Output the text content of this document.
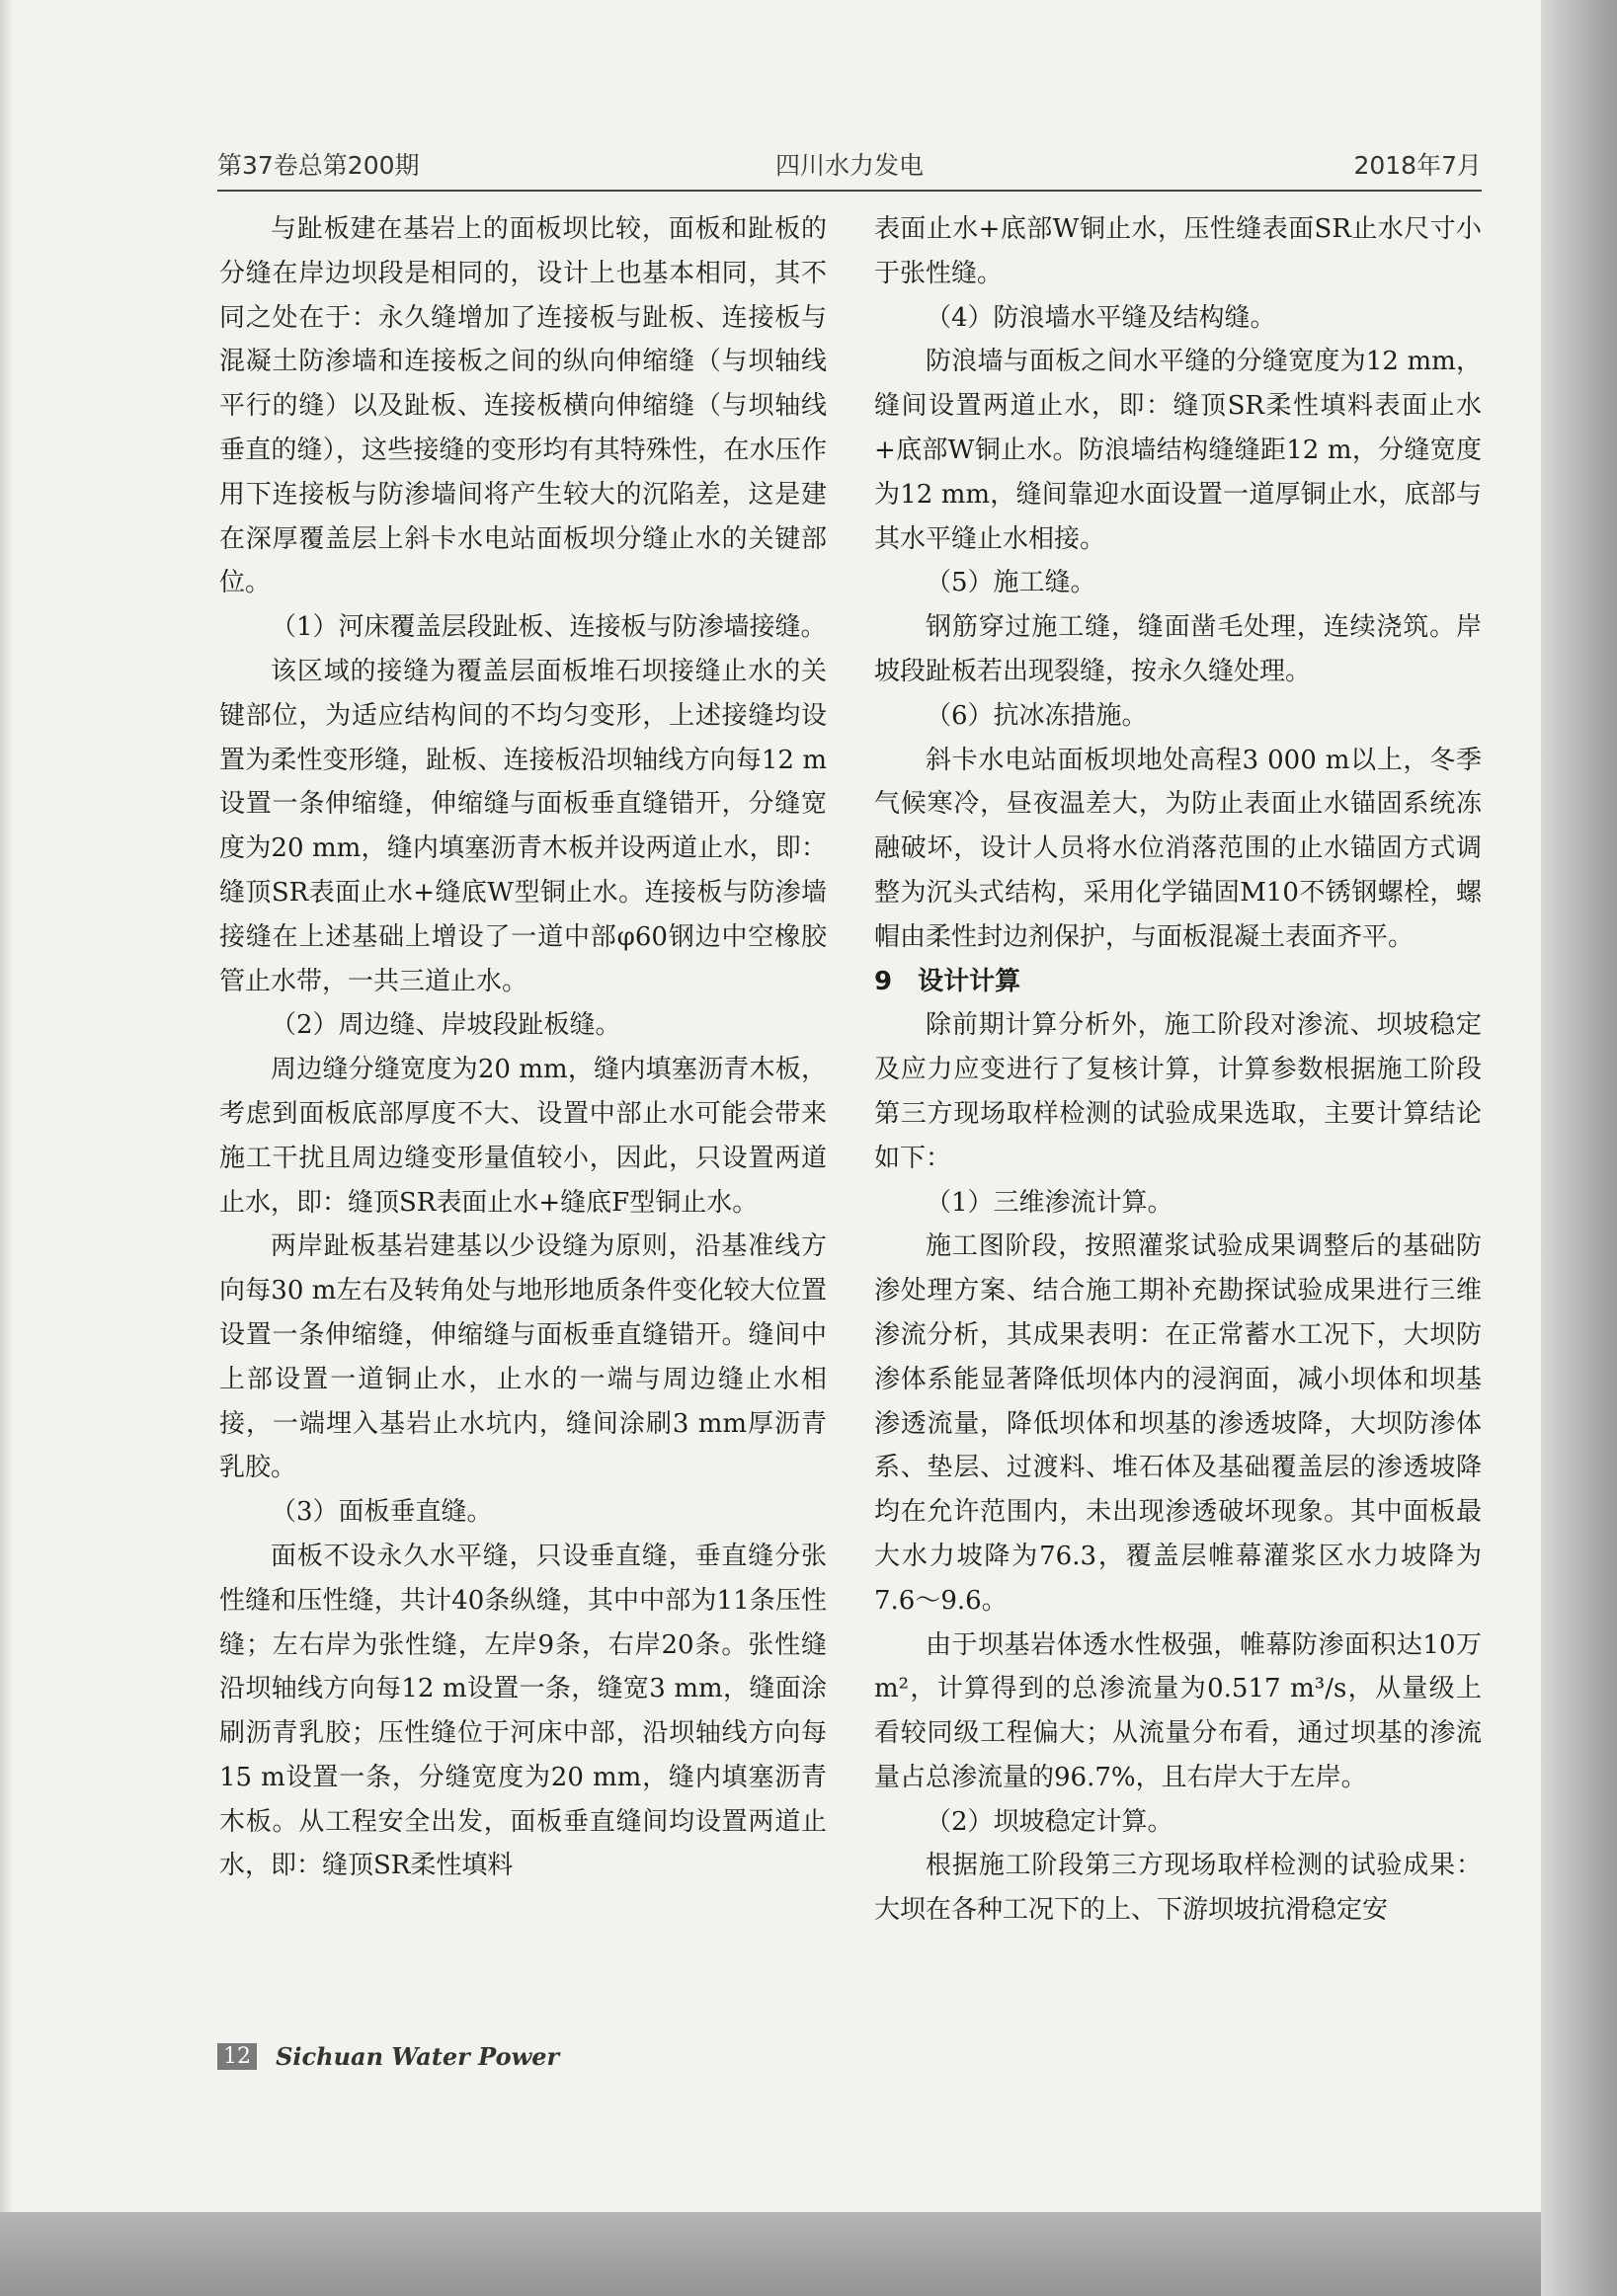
第37卷总第200期	四川水力发电	2018年7月

与趾板建在基岩上的面板坝比较，面板和趾板的分缝在岸边坝段是相同的，设计上也基本相同，其不同之处在于：永久缝增加了连接板与趾板、连接板与混凝土防渗墙和连接板之间的纵向伸缩缝（与坝轴线平行的缝）以及趾板、连接板横向伸缩缝（与坝轴线垂直的缝），这些接缝的变形均有其特殊性，在水压作用下连接板与防渗墙间将产生较大的沉陷差，这是建在深厚覆盖层上斜卡水电站面板坝分缝止水的关键部位。

（1）河床覆盖层段趾板、连接板与防渗墙接缝。

该区域的接缝为覆盖层面板堆石坝接缝止水的关键部位，为适应结构间的不均匀变形，上述接缝均设置为柔性变形缝，趾板、连接板沿坝轴线方向每12 m设置一条伸缩缝，伸缩缝与面板垂直缝错开，分缝宽度为20 mm，缝内填塞沥青木板并设两道止水，即：缝顶SR表面止水+缝底W型铜止水。连接板与防渗墙接缝在上述基础上增设了一道中部φ60钢边中空橡胶管止水带，一共三道止水。

（2）周边缝、岸坡段趾板缝。

周边缝分缝宽度为20 mm，缝内填塞沥青木板，考虑到面板底部厚度不大、设置中部止水可能会带来施工干扰且周边缝变形量值较小，因此，只设置两道止水，即：缝顶SR表面止水+缝底F型铜止水。

两岸趾板基岩建基以少设缝为原则，沿基准线方向每30 m左右及转角处与地形地质条件变化较大位置设置一条伸缩缝，伸缩缝与面板垂直缝错开。缝间中上部设置一道铜止水，止水的一端与周边缝止水相接，一端埋入基岩止水坑内，缝间涂刷3 mm厚沥青乳胶。

（3）面板垂直缝。

面板不设永久水平缝，只设垂直缝，垂直缝分张性缝和压性缝，共计40条纵缝，其中中部为11条压性缝；左右岸为张性缝，左岸9条，右岸20条。张性缝沿坝轴线方向每12 m设置一条，缝宽3 mm，缝面涂刷沥青乳胶；压性缝位于河床中部，沿坝轴线方向每15 m设置一条，分缝宽度为20 mm，缝内填塞沥青木板。从工程安全出发，面板垂直缝间均设置两道止水，即：缝顶SR柔性填料

表面止水+底部W铜止水，压性缝表面SR止水尺寸小于张性缝。

（4）防浪墙水平缝及结构缝。

防浪墙与面板之间水平缝的分缝宽度为12 mm，缝间设置两道止水，即：缝顶SR柔性填料表面止水+底部W铜止水。防浪墙结构缝缝距12 m，分缝宽度为12 mm，缝间靠迎水面设置一道厚铜止水，底部与其水平缝止水相接。

（5）施工缝。

钢筋穿过施工缝，缝面凿毛处理，连续浇筑。岸坡段趾板若出现裂缝，按永久缝处理。

（6）抗冰冻措施。

斜卡水电站面板坝地处高程3 000 m以上，冬季气候寒冷，昼夜温差大，为防止表面止水锚固系统冻融破坏，设计人员将水位消落范围的止水锚固方式调整为沉头式结构，采用化学锚固M10不锈钢螺栓，螺帽由柔性封边剂保护，与面板混凝土表面齐平。

9　设计计算

除前期计算分析外，施工阶段对渗流、坝坡稳定及应力应变进行了复核计算，计算参数根据施工阶段第三方现场取样检测的试验成果选取，主要计算结论如下：

（1）三维渗流计算。

施工图阶段，按照灌浆试验成果调整后的基础防渗处理方案、结合施工期补充勘探试验成果进行三维渗流分析，其成果表明：在正常蓄水工况下，大坝防渗体系能显著降低坝体内的浸润面，减小坝体和坝基渗透流量，降低坝体和坝基的渗透坡降，大坝防渗体系、垫层、过渡料、堆石体及基础覆盖层的渗透坡降均在允许范围内，未出现渗透破坏现象。其中面板最大水力坡降为76.3，覆盖层帷幕灌浆区水力坡降为7.6～9.6。

由于坝基岩体透水性极强，帷幕防渗面积达10万m²，计算得到的总渗流量为0.517 m³/s，从量级上看较同级工程偏大；从流量分布看，通过坝基的渗流量占总渗流量的96.7%，且右岸大于左岸。

（2）坝坡稳定计算。

根据施工阶段第三方现场取样检测的试验成果：大坝在各种工况下的上、下游坝坡抗滑稳定安

12 Sichuan Water Power
